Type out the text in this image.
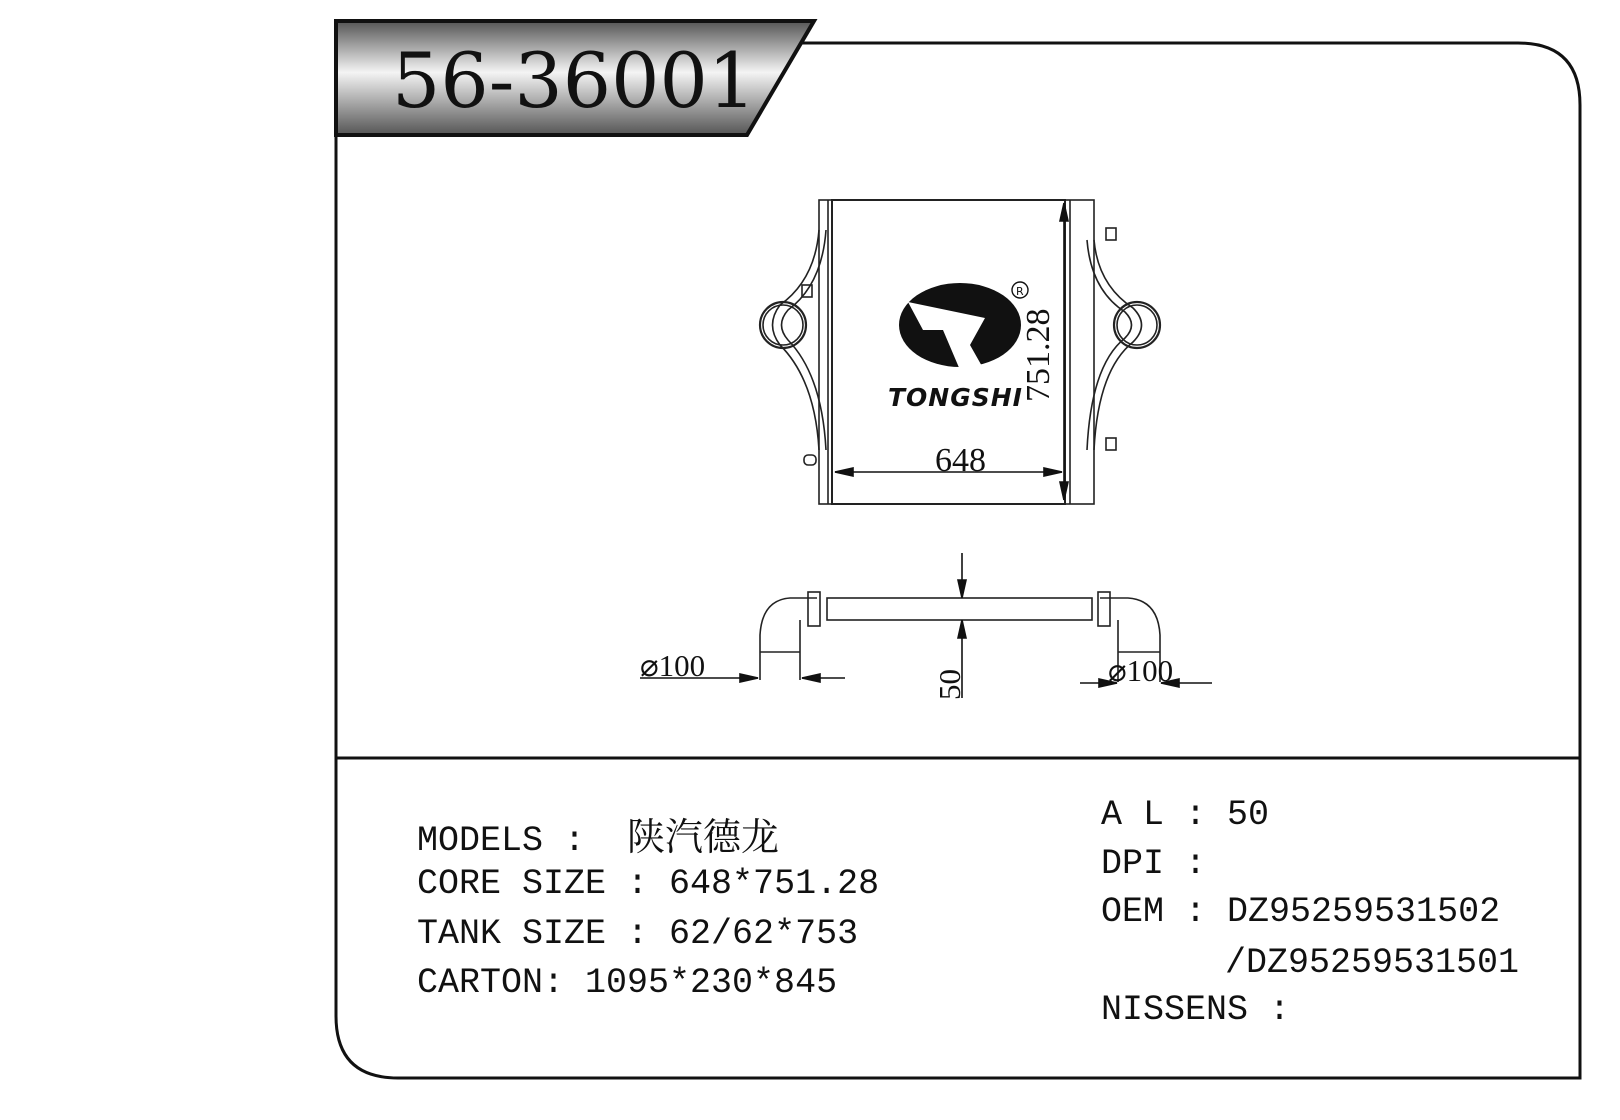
R
56-36001
TONGSHI
648
751.28
⌀100	⌀100
50
MODELS :  陕汽德龙
CORE SIZE : 648*751.28
TANK SIZE : 62/62*753
CARTON: 1095*230*845
A L : 50
DPI :
OEM : DZ95259531502
/DZ95259531501
NISSENS :
